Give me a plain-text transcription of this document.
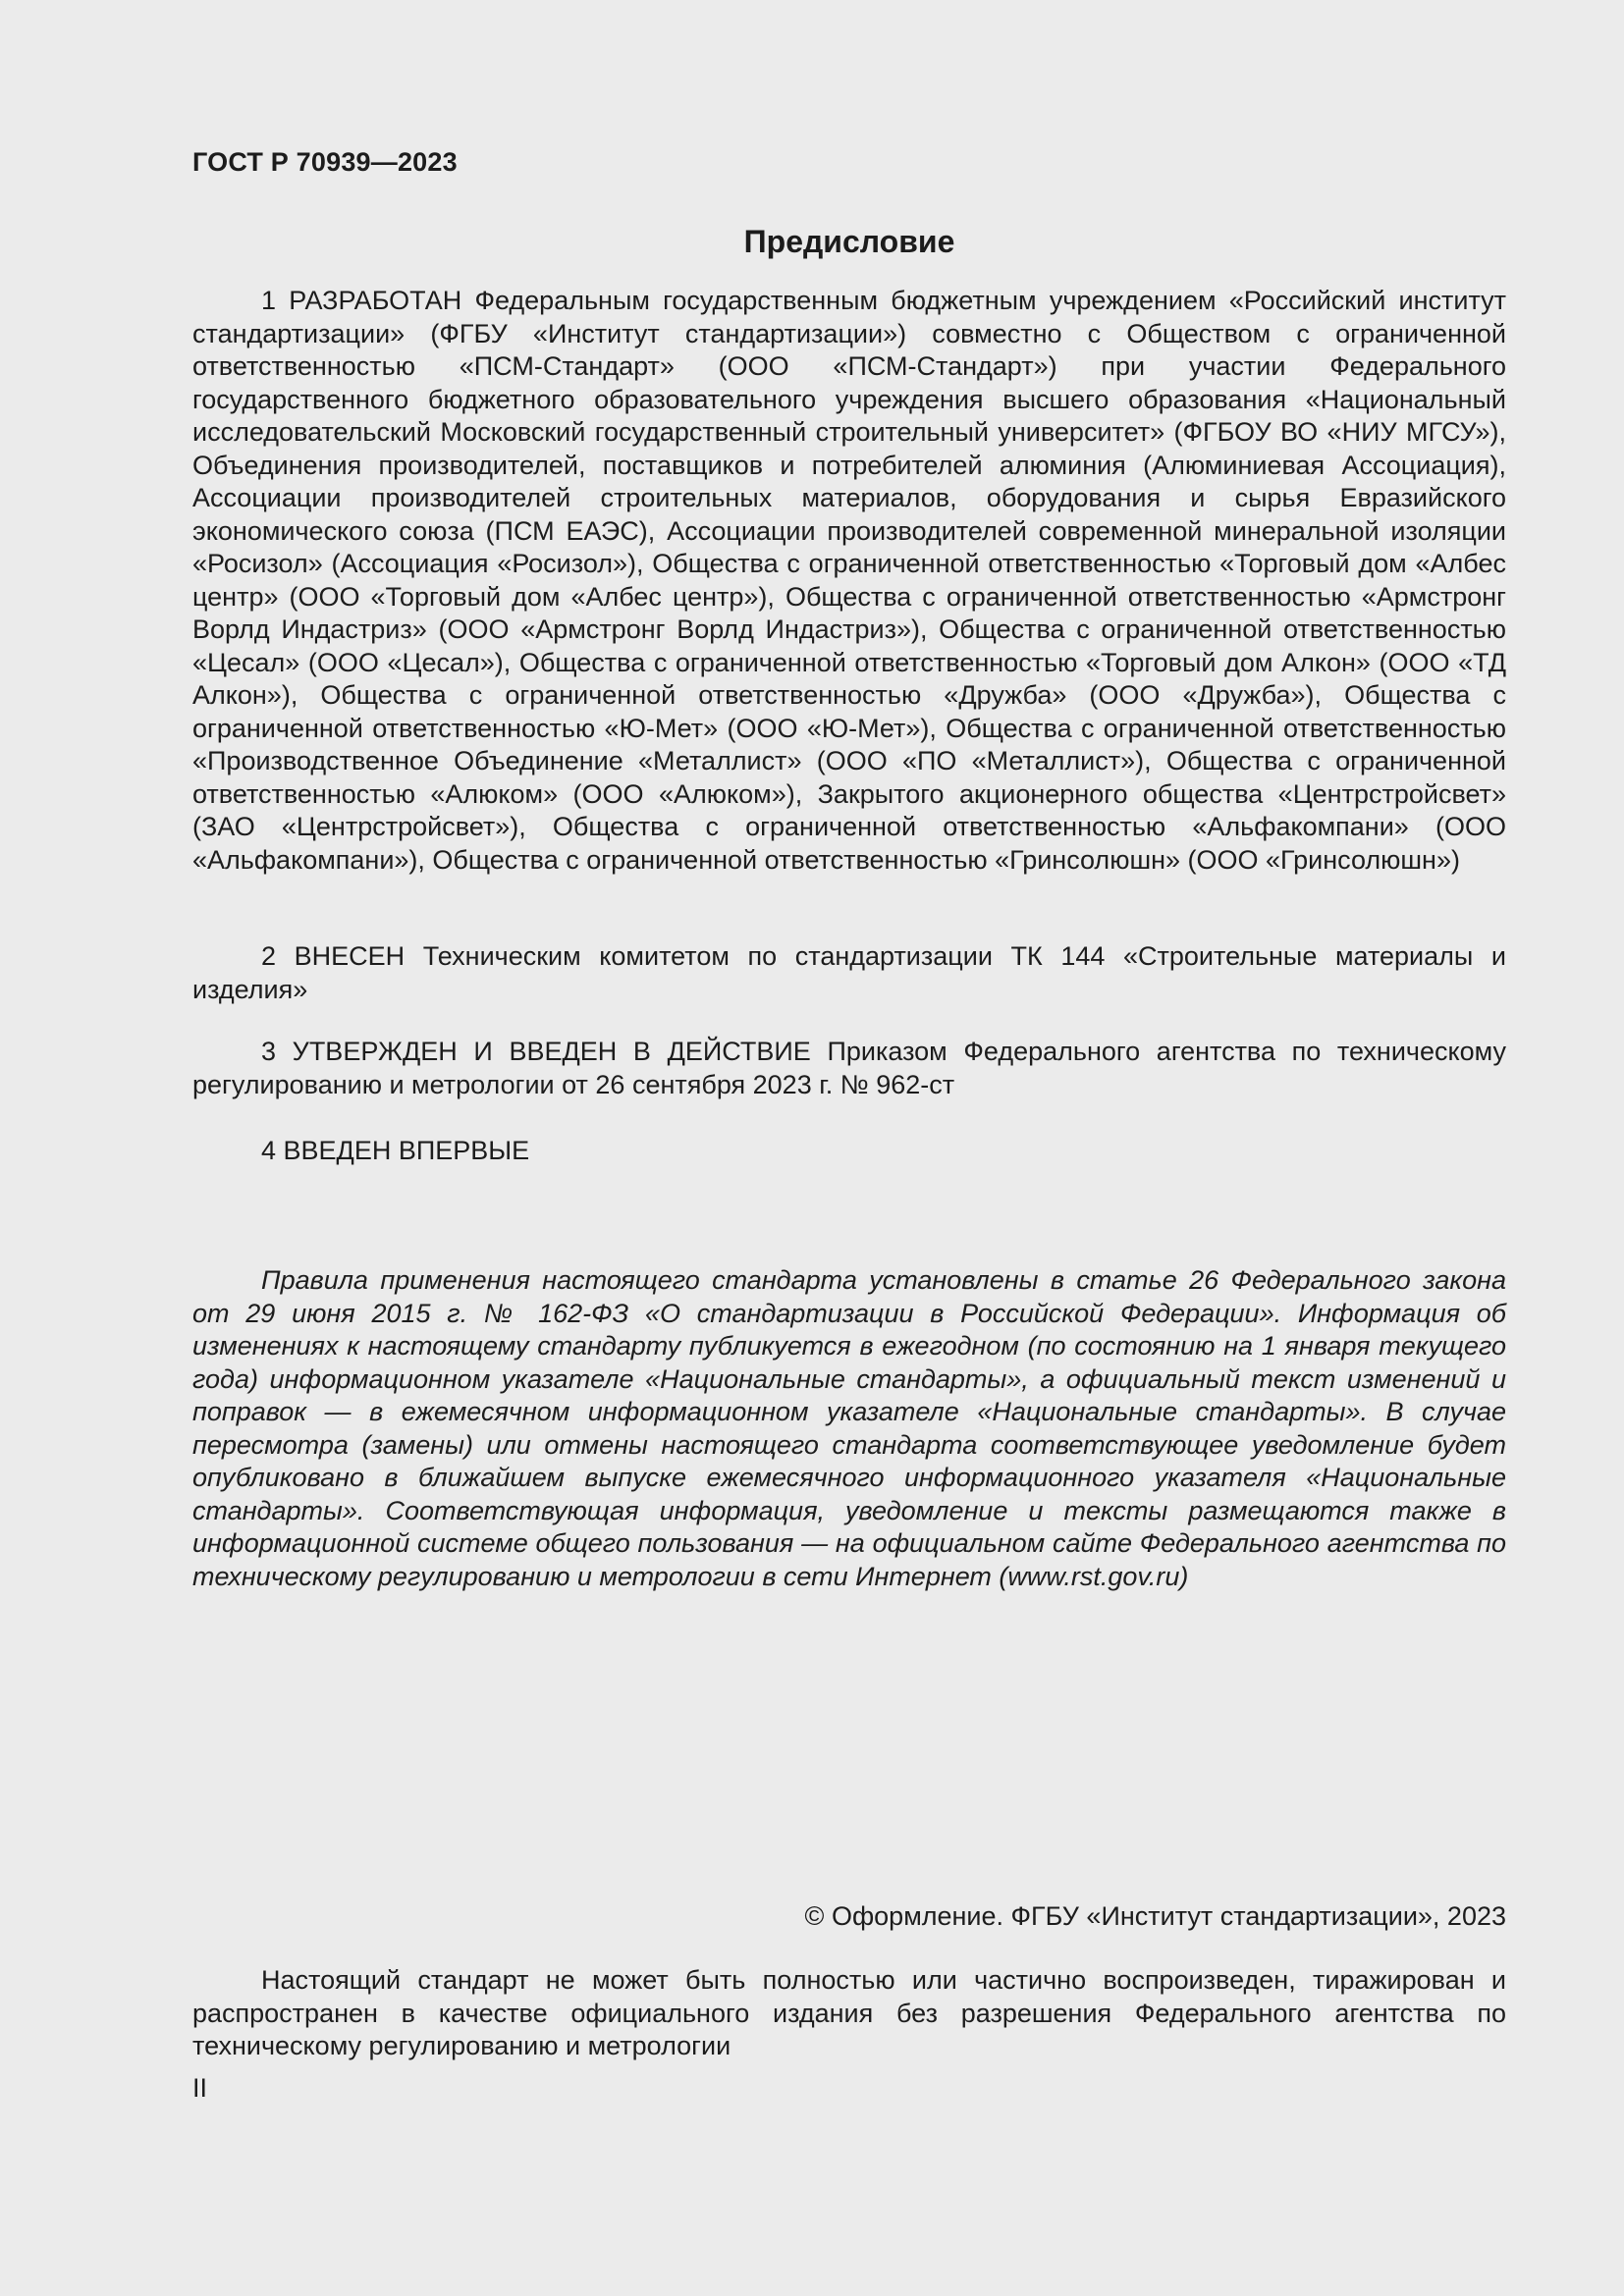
ГОСТ Р 70939—2023
Предисловие

1 РАЗРАБОТАН Федеральным государственным бюджетным учреждением «Российский институт стандартизации» (ФГБУ «Институт стандартизации») совместно с Обществом с ограниченной ответственностью «ПСМ-Стандарт» (ООО «ПСМ-Стандарт») при участии Федерального государственного бюджетного образовательного учреждения высшего образования «Национальный исследовательский Московский государственный строительный университет» (ФГБОУ ВО «НИУ МГСУ»), Объединения производителей, поставщиков и потребителей алюминия (Алюминиевая Ассоциация), Ассоциации производителей строительных материалов, оборудования и сырья Евразийского экономического союза (ПСМ ЕАЭС), Ассоциации производителей современной минеральной изоляции «Росизол» (Ассоциация «Росизол»), Общества с ограниченной ответственностью «Торговый дом «Албес центр» (ООО «Торговый дом «Албес центр»), Общества с ограниченной ответственностью «Армстронг Ворлд Индастриз» (ООО «Армстронг Ворлд Индастриз»), Общества с ограниченной ответственностью «Цесал» (ООО «Цесал»), Общества с ограниченной ответственностью «Торговый дом Алкон» (ООО «ТД Алкон»), Общества с ограниченной ответственностью «Дружба» (ООО «Дружба»), Общества с ограниченной ответственностью «Ю-Мет» (ООО «Ю-Мет»), Общества с ограниченной ответственностью «Производственное Объединение «Металлист» (ООО «ПО «Металлист»), Общества с ограниченной ответственностью «Алюком» (ООО «Алюком»), Закрытого акционерного общества «Центрстройсвет» (ЗАО «Центрстройсвет»), Общества с ограниченной ответственностью «Альфакомпани» (ООО «Альфакомпани»), Общества с ограниченной ответственностью «Гринсолюшн» (ООО «Гринсолюшн»)

2 ВНЕСЕН Техническим комитетом по стандартизации ТК 144 «Строительные материалы и изделия»

3 УТВЕРЖДЕН И ВВЕДЕН В ДЕЙСТВИЕ Приказом Федерального агентства по техническому регулированию и метрологии от 26 сентября 2023 г. № 962-ст

4 ВВЕДЕН ВПЕРВЫЕ

Правила применения настоящего стандарта установлены в статье 26 Федерального закона от 29 июня 2015 г. № 162-ФЗ «О стандартизации в Российской Федерации». Информация об изменениях к настоящему стандарту публикуется в ежегодном (по состоянию на 1 января текущего года) информационном указателе «Национальные стандарты», а официальный текст изменений и поправок — в ежемесячном информационном указателе «Национальные стандарты». В случае пересмотра (замены) или отмены настоящего стандарта соответствующее уведомление будет опубликовано в ближайшем выпуске ежемесячного информационного указателя «Национальные стандарты». Соответствующая информация, уведомление и тексты размещаются также в информационной системе общего пользования — на официальном сайте Федерального агентства по техническому регулированию и метрологии в сети Интернет (www.rst.gov.ru)

© Оформление. ФГБУ «Институт стандартизации», 2023

Настоящий стандарт не может быть полностью или частично воспроизведен, тиражирован и распространен в качестве официального издания без разрешения Федерального агентства по техническому регулированию и метрологии

II
